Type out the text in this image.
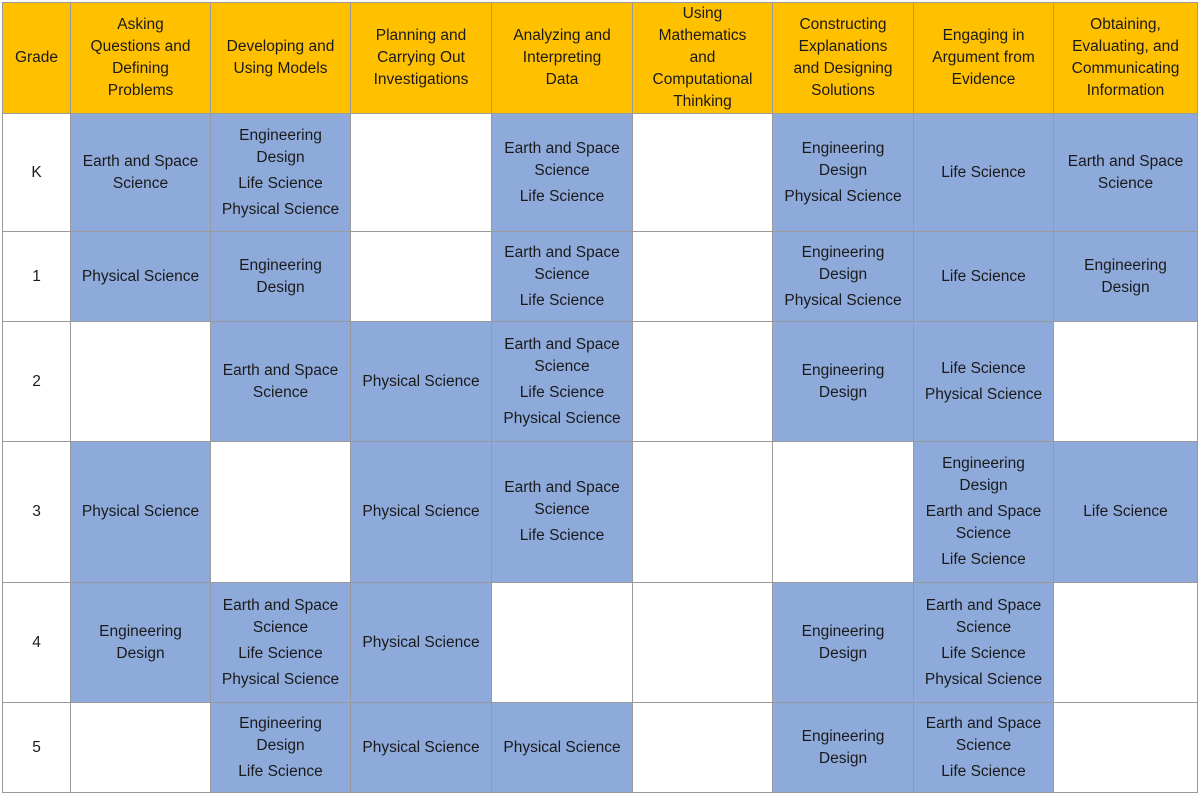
Grade	Asking
Questions and
Defining
Problems	Developing and
Using Models	Planning and
Carrying Out
Investigations	Analyzing and
Interpreting
Data	Using
Mathematics
and
Computational
Thinking	Constructing
Explanations
and Designing
Solutions	Engaging in
Argument from
Evidence	Obtaining,
Evaluating, and
Communicating
Information

K	Earth and Space
Science	Engineering
Design
Life Science
Physical Science		Earth and Space
Science
Life Science		Engineering
Design
Physical Science	Life Science	Earth and Space
Science

1	Physical Science	Engineering
Design		Earth and Space
Science
Life Science		Engineering
Design
Physical Science	Life Science	Engineering
Design

2		Earth and Space
Science	Physical Science	Earth and Space
Science
Life Science
Physical Science		Engineering
Design	Life Science
Physical Science	

3	Physical Science		Physical Science	Earth and Space
Science
Life Science			Engineering
Design
Earth and Space
Science
Life Science	Life Science

4	Engineering
Design	Earth and Space
Science
Life Science
Physical Science	Physical Science			Engineering
Design	Earth and Space
Science
Life Science
Physical Science	

5		Engineering
Design
Life Science	Physical Science	Physical Science		Engineering
Design	Earth and Space
Science
Life Science	
